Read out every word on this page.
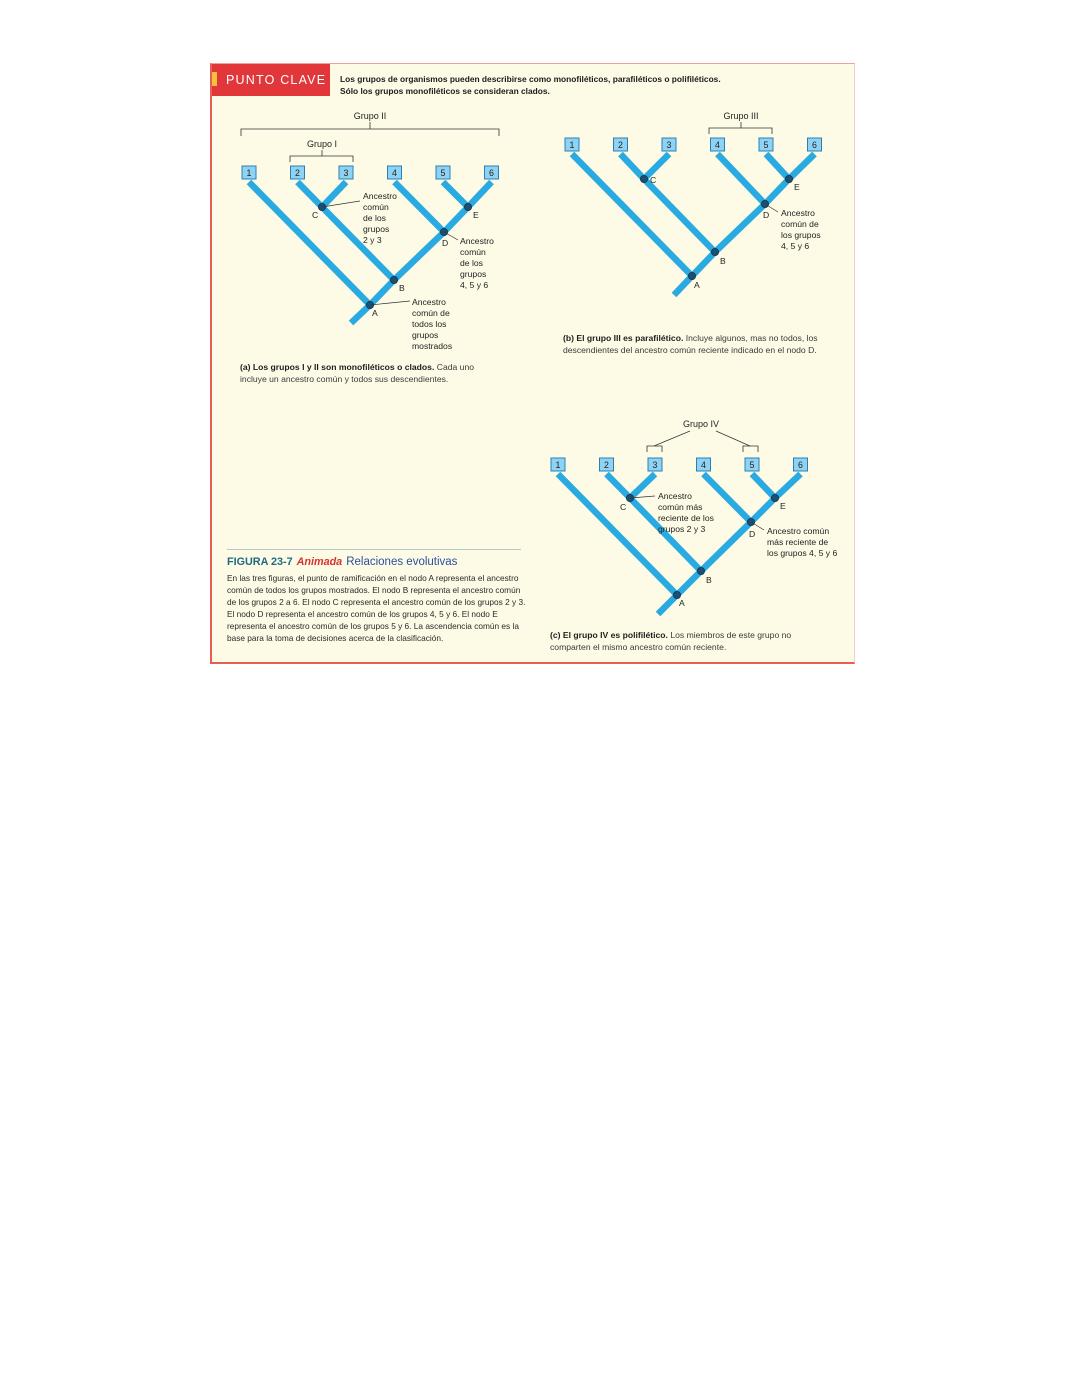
PUNTO CLAVE	Los grupos de organismos pueden describirse como monofiléticos, parafiléticos o polifiléticos.
Sólo los grupos monofiléticos se consideran clados.
1	2	3	4	5	6
A
B
C
D
E
Grupo II
Grupo I
Ancestro
común
de los
grupos
2 y 3	Ancestro
común
de los
grupos
4, 5 y 6
Ancestro
común de
todos los
grupos
mostrados
1	2	3	4	5	6
A
B
C
D
E
Grupo III
Ancestro
común de
los grupos
4, 5 y 6
1	2	3	4	5	6
A
B
C
D
E
Grupo IV
Ancestro
común más
reciente de los
grupos 2 y 3	Ancestro común
más reciente de
los grupos 4, 5 y 6
(a) Los grupos I y II son monofiléticos o clados. Cada uno incluye un ancestro común y todos sus descendientes.
(b) El grupo III es parafilético. Incluye algunos, mas no todos, los descendientes del ancestro común reciente indicado en el nodo D.
(c) El grupo IV es polifilético. Los miembros de este grupo no comparten el mismo ancestro común reciente.
FIGURA 23-7 Animada Relaciones evolutivas
En las tres figuras, el punto de ramificación en el nodo A representa el ancestro común de todos los grupos mostrados. El nodo B representa el ancestro común de los grupos 2 a 6. El nodo C representa el ancestro común de los grupos 2 y 3. El nodo D representa el ancestro común de los grupos 4, 5 y 6. El nodo E representa el ancestro común de los grupos 5 y 6. La ascendencia común es la base para la toma de decisiones acerca de la clasificación.
